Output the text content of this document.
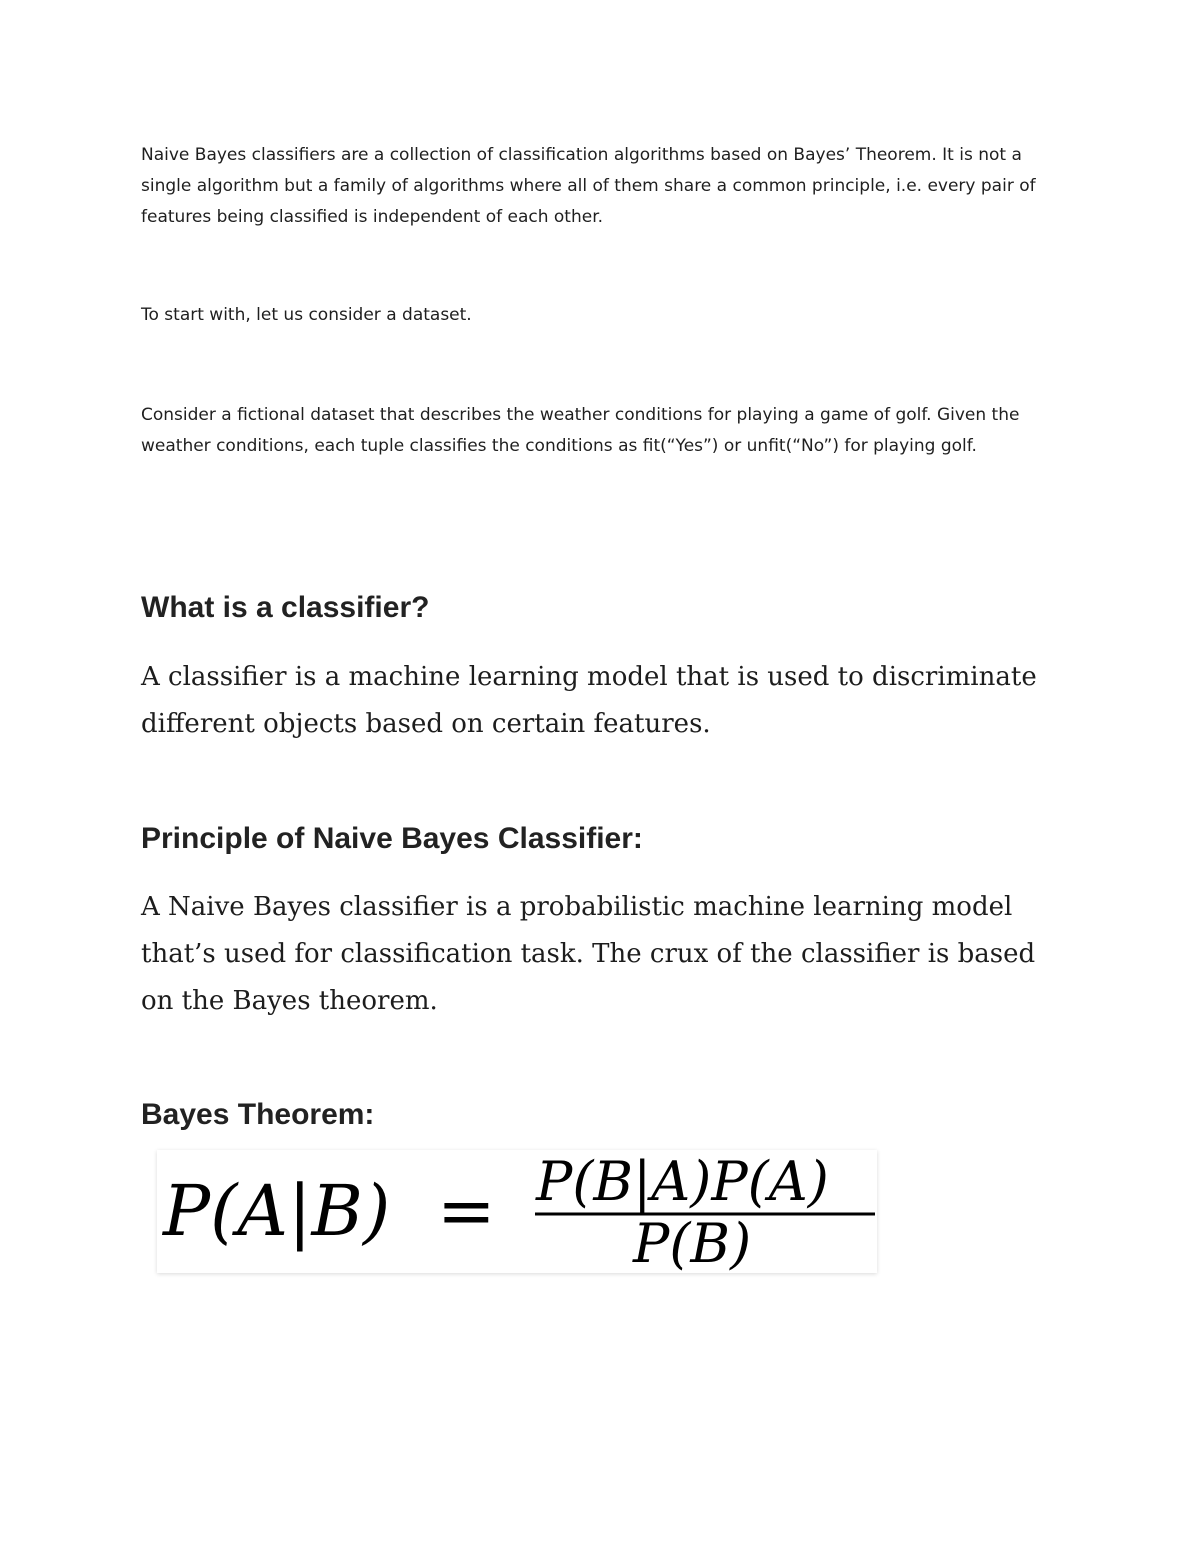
Naive Bayes classifiers are a collection of classification algorithms based on Bayes’ Theorem. It is not a single algorithm but a family of algorithms where all of them share a common principle, i.e. every pair of features being classified is independent of each other.

To start with, let us consider a dataset.

Consider a fictional dataset that describes the weather conditions for playing a game of golf. Given the weather conditions, each tuple classifies the conditions as fit(“Yes”) or unfit(“No”) for playing golf.

What is a classifier?

A classifier is a machine learning model that is used to discriminate different objects based on certain features.

Principle of Naive Bayes Classifier:

A Naive Bayes classifier is a probabilistic machine learning model that’s used for classification task. The crux of the classifier is based on the Bayes theorem.

Bayes Theorem:
P(A|B) = P(B|A)P(A)
P(B)
